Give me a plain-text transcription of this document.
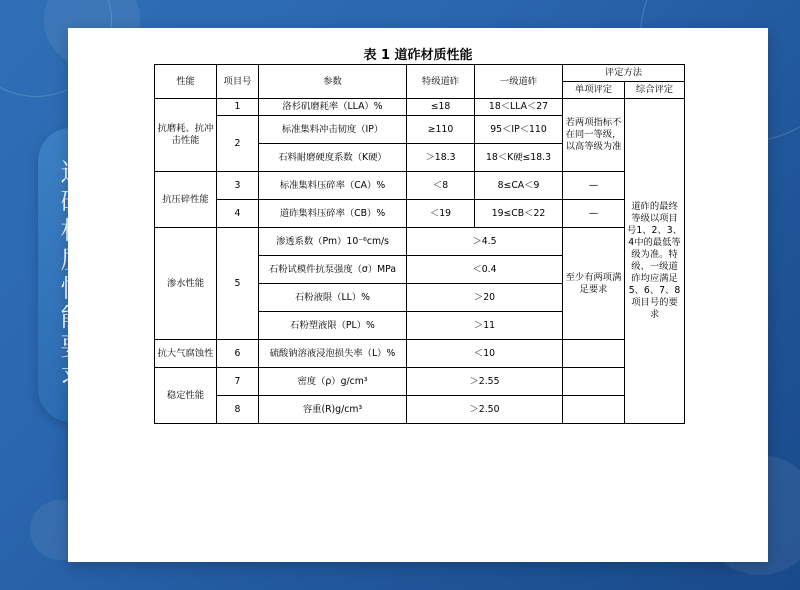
表 1 道砟材质性能
性能	项目号	参数	特级道砟	一级道砟	评定方法	
					单项评定	综合评定
抗磨耗、抗冲击性能	1	洛杉矶磨耗率（LLA）%	≤18	18＜LLA＜27	若两项指标不在同一等级，以高等级为准	道砟的最终等级以项目号1、2、3、4中的最低等级为准。特级、一级道砟均应满足5、6、7、8项目号的要求
	2	标准集料冲击韧度（IP）	≥110	95＜IP＜110		
		石料耐磨硬度系数（K硬）	＞18.3	18＜K硬≤18.3		
抗压碎性能	3	标准集料压碎率（CA）%	＜8	8≤CA＜9	—	
	4	道砟集料压碎率（CB）%	＜19	19≤CB＜22	—	
渗水性能	5	渗透系数（Pm）10⁻⁶cm/s	＞4.5		至少有两项满足要求	
		石粉试模件抗泵强度（σ）MPa	＜0.4			
		石粉液限（LL）%	＞20			
		石粉塑液限（PL）%	＞11			
抗大气腐蚀性	6	硫酸钠溶液浸泡损失率（L）%	＜10			
稳定性能	7	密度（ρ）g/cm³	＞2.55			
	8	容重(R)g/cm³	＞2.50			
